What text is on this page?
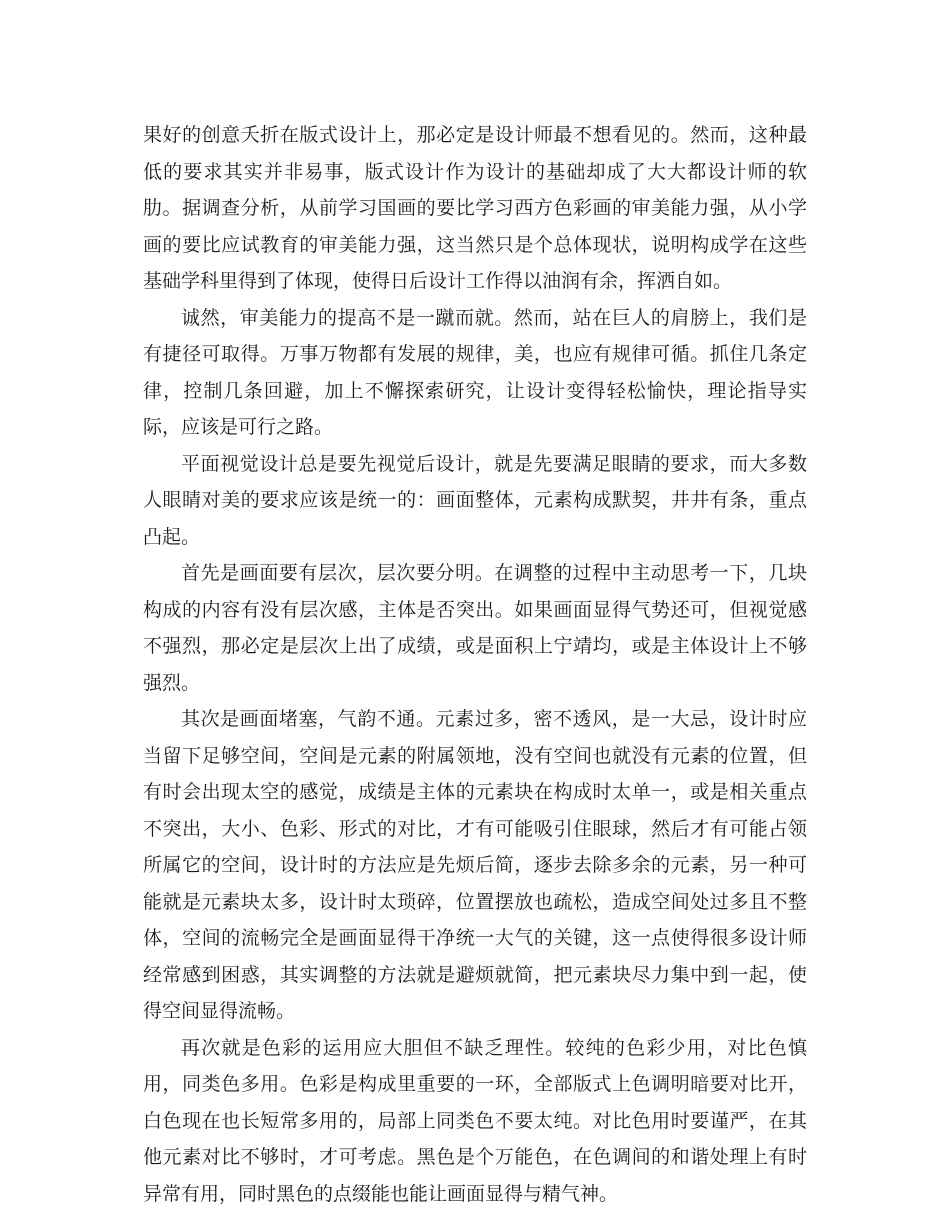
果好的创意夭折在版式设计上，那必定是设计师最不想看见的。然而，这种最低的要求其实并非易事，版式设计作为设计的基础却成了大大都设计师的软肋。据调查分析，从前学习国画的要比学习西方色彩画的审美能力强，从小学画的要比应试教育的审美能力强，这当然只是个总体现状，说明构成学在这些基础学科里得到了体现，使得日后设计工作得以油润有余，挥洒自如。

诚然，审美能力的提高不是一蹴而就。然而，站在巨人的肩膀上，我们是有捷径可取得。万事万物都有发展的规律，美，也应有规律可循。抓住几条定律，控制几条回避，加上不懈探索研究，让设计变得轻松愉快，理论指导实际，应该是可行之路。

平面视觉设计总是要先视觉后设计，就是先要满足眼睛的要求，而大多数人眼睛对美的要求应该是统一的：画面整体，元素构成默契，井井有条，重点凸起。

首先是画面要有层次，层次要分明。在调整的过程中主动思考一下，几块构成的内容有没有层次感，主体是否突出。如果画面显得气势还可，但视觉感不强烈，那必定是层次上出了成绩，或是面积上宁靖均，或是主体设计上不够强烈。

其次是画面堵塞，气韵不通。元素过多，密不透风，是一大忌，设计时应当留下足够空间，空间是元素的附属领地，没有空间也就没有元素的位置，但有时会出现太空的感觉，成绩是主体的元素块在构成时太单一，或是相关重点不突出，大小、色彩、形式的对比，才有可能吸引住眼球，然后才有可能占领所属它的空间，设计时的方法应是先烦后简，逐步去除多余的元素，另一种可能就是元素块太多，设计时太琐碎，位置摆放也疏松，造成空间处过多且不整体，空间的流畅完全是画面显得干净统一大气的关键，这一点使得很多设计师经常感到困惑，其实调整的方法就是避烦就简，把元素块尽力集中到一起，使得空间显得流畅。

再次就是色彩的运用应大胆但不缺乏理性。较纯的色彩少用，对比色慎用，同类色多用。色彩是构成里重要的一环，全部版式上色调明暗要对比开，白色现在也长短常多用的，局部上同类色不要太纯。对比色用时要谨严，在其他元素对比不够时，才可考虑。黑色是个万能色，在色调间的和谐处理上有时异常有用，同时黑色的点缀能也能让画面显得与精气神。
